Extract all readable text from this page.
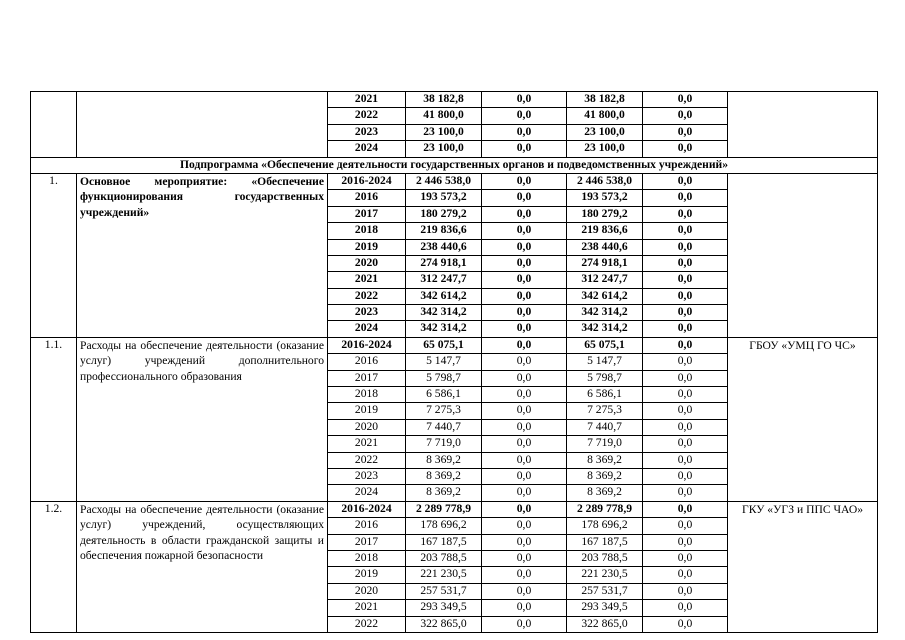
		2021	38 182,8	0,0	38 182,8	0,0	
		2022	41 800,0	0,0	41 800,0	0,0	
		2023	23 100,0	0,0	23 100,0	0,0	
		2024	23 100,0	0,0	23 100,0	0,0	
Подпрограмма «Обеспечение деятельности государственных органов и подведомственных учреждений»							
1.	Основное мероприятие: «Обеспечение функционирования государственных учреждений»	2016-2024	2 446 538,0	0,0	2 446 538,0	0,0	
		2016	193 573,2	0,0	193 573,2	0,0	
		2017	180 279,2	0,0	180 279,2	0,0	
		2018	219 836,6	0,0	219 836,6	0,0	
		2019	238 440,6	0,0	238 440,6	0,0	
		2020	274 918,1	0,0	274 918,1	0,0	
		2021	312 247,7	0,0	312 247,7	0,0	
		2022	342 614,2	0,0	342 614,2	0,0	
		2023	342 314,2	0,0	342 314,2	0,0	
		2024	342 314,2	0,0	342 314,2	0,0	
1.1.	Расходы на обеспечение деятельности (оказание услуг) учреждений дополнительного профессионального образования	2016-2024	65 075,1	0,0	65 075,1	0,0	ГБОУ «УМЦ ГО ЧС»
		2016	5 147,7	0,0	5 147,7	0,0	
		2017	5 798,7	0,0	5 798,7	0,0	
		2018	6 586,1	0,0	6 586,1	0,0	
		2019	7 275,3	0,0	7 275,3	0,0	
		2020	7 440,7	0,0	7 440,7	0,0	
		2021	7 719,0	0,0	7 719,0	0,0	
		2022	8 369,2	0,0	8 369,2	0,0	
		2023	8 369,2	0,0	8 369,2	0,0	
		2024	8 369,2	0,0	8 369,2	0,0	
1.2.	Расходы на обеспечение деятельности (оказание услуг) учреждений, осуществляющих деятельность в области гражданской защиты и обеспечения пожарной безопасности	2016-2024	2 289 778,9	0,0	2 289 778,9	0,0	ГКУ «УГЗ и ППС ЧАО»
		2016	178 696,2	0,0	178 696,2	0,0	
		2017	167 187,5	0,0	167 187,5	0,0	
		2018	203 788,5	0,0	203 788,5	0,0	
		2019	221 230,5	0,0	221 230,5	0,0	
		2020	257 531,7	0,0	257 531,7	0,0	
		2021	293 349,5	0,0	293 349,5	0,0	
		2022	322 865,0	0,0	322 865,0	0,0	
